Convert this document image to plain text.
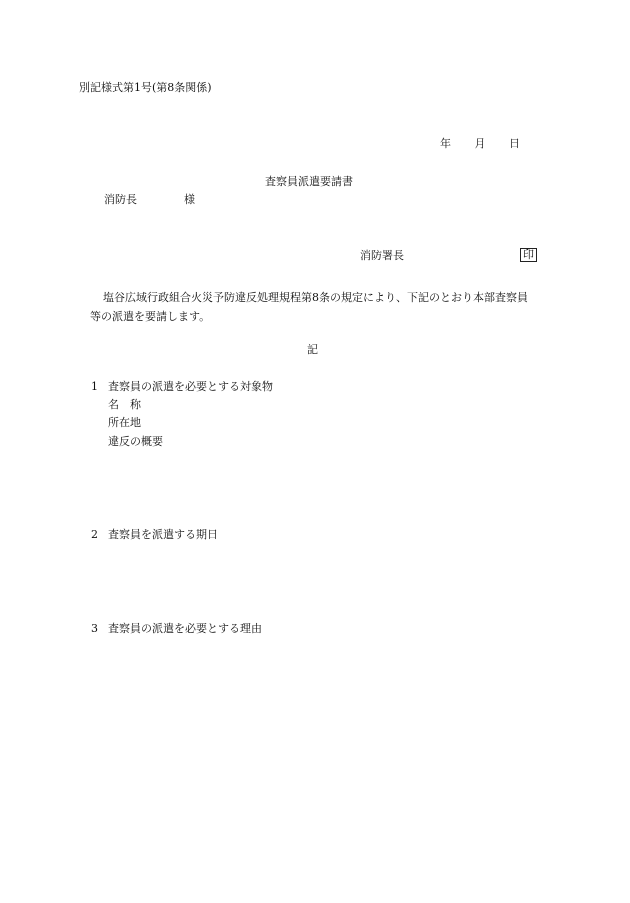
別記様式第1号(第8条関係)
年 月 日
査察員派遣要請書
消防長	様
消防署長	印
塩谷広域行政組合火災予防違反処理規程第8条の規定により、下記のとおり本部査察員
等の派遣を要請します。
記
1 査察員の派遣を必要とする対象物
名　称
所在地
違反の概要
2 査察員を派遣する期日
3 査察員の派遣を必要とする理由
